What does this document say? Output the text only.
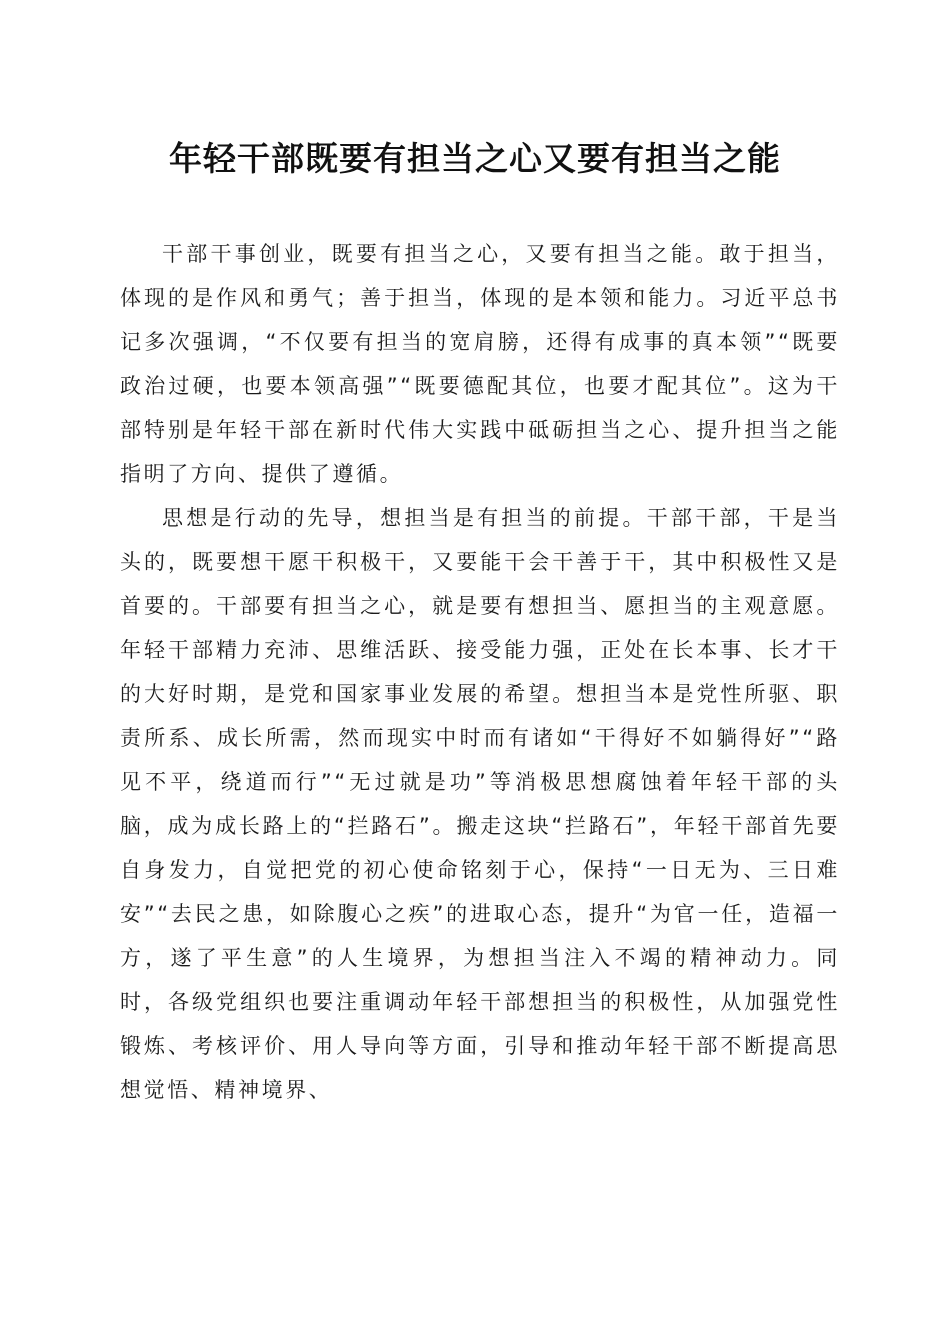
年轻干部既要有担当之心又要有担当之能

干部干事创业，既要有担当之心，又要有担当之能。敢于担当，体现的是作风和勇气；善于担当，体现的是本领和能力。习近平总书记多次强调，“不仅要有担当的宽肩膀，还得有成事的真本领”“既要政治过硬，也要本领高强”“既要德配其位，也要才配其位”。这为干部特别是年轻干部在新时代伟大实践中砥砺担当之心、提升担当之能指明了方向、提供了遵循。

思想是行动的先导，想担当是有担当的前提。干部干部，干是当头的，既要想干愿干积极干，又要能干会干善于干，其中积极性又是首要的。干部要有担当之心，就是要有想担当、愿担当的主观意愿。年轻干部精力充沛、思维活跃、接受能力强，正处在长本事、长才干的大好时期，是党和国家事业发展的希望。想担当本是党性所驱、职责所系、成长所需，然而现实中时而有诸如“干得好不如躺得好”“路见不平，绕道而行”“无过就是功”等消极思想腐蚀着年轻干部的头脑，成为成长路上的“拦路石”。搬走这块“拦路石”，年轻干部首先要自身发力，自觉把党的初心使命铭刻于心，保持“一日无为、三日难安”“去民之患，如除腹心之疾”的进取心态，提升“为官一任，造福一方，遂了平生意”的人生境界，为想担当注入不竭的精神动力。同时，各级党组织也要注重调动年轻干部想担当的积极性，从加强党性锻炼、考核评价、用人导向等方面，引导和推动年轻干部不断提高思想觉悟、精神境界、
